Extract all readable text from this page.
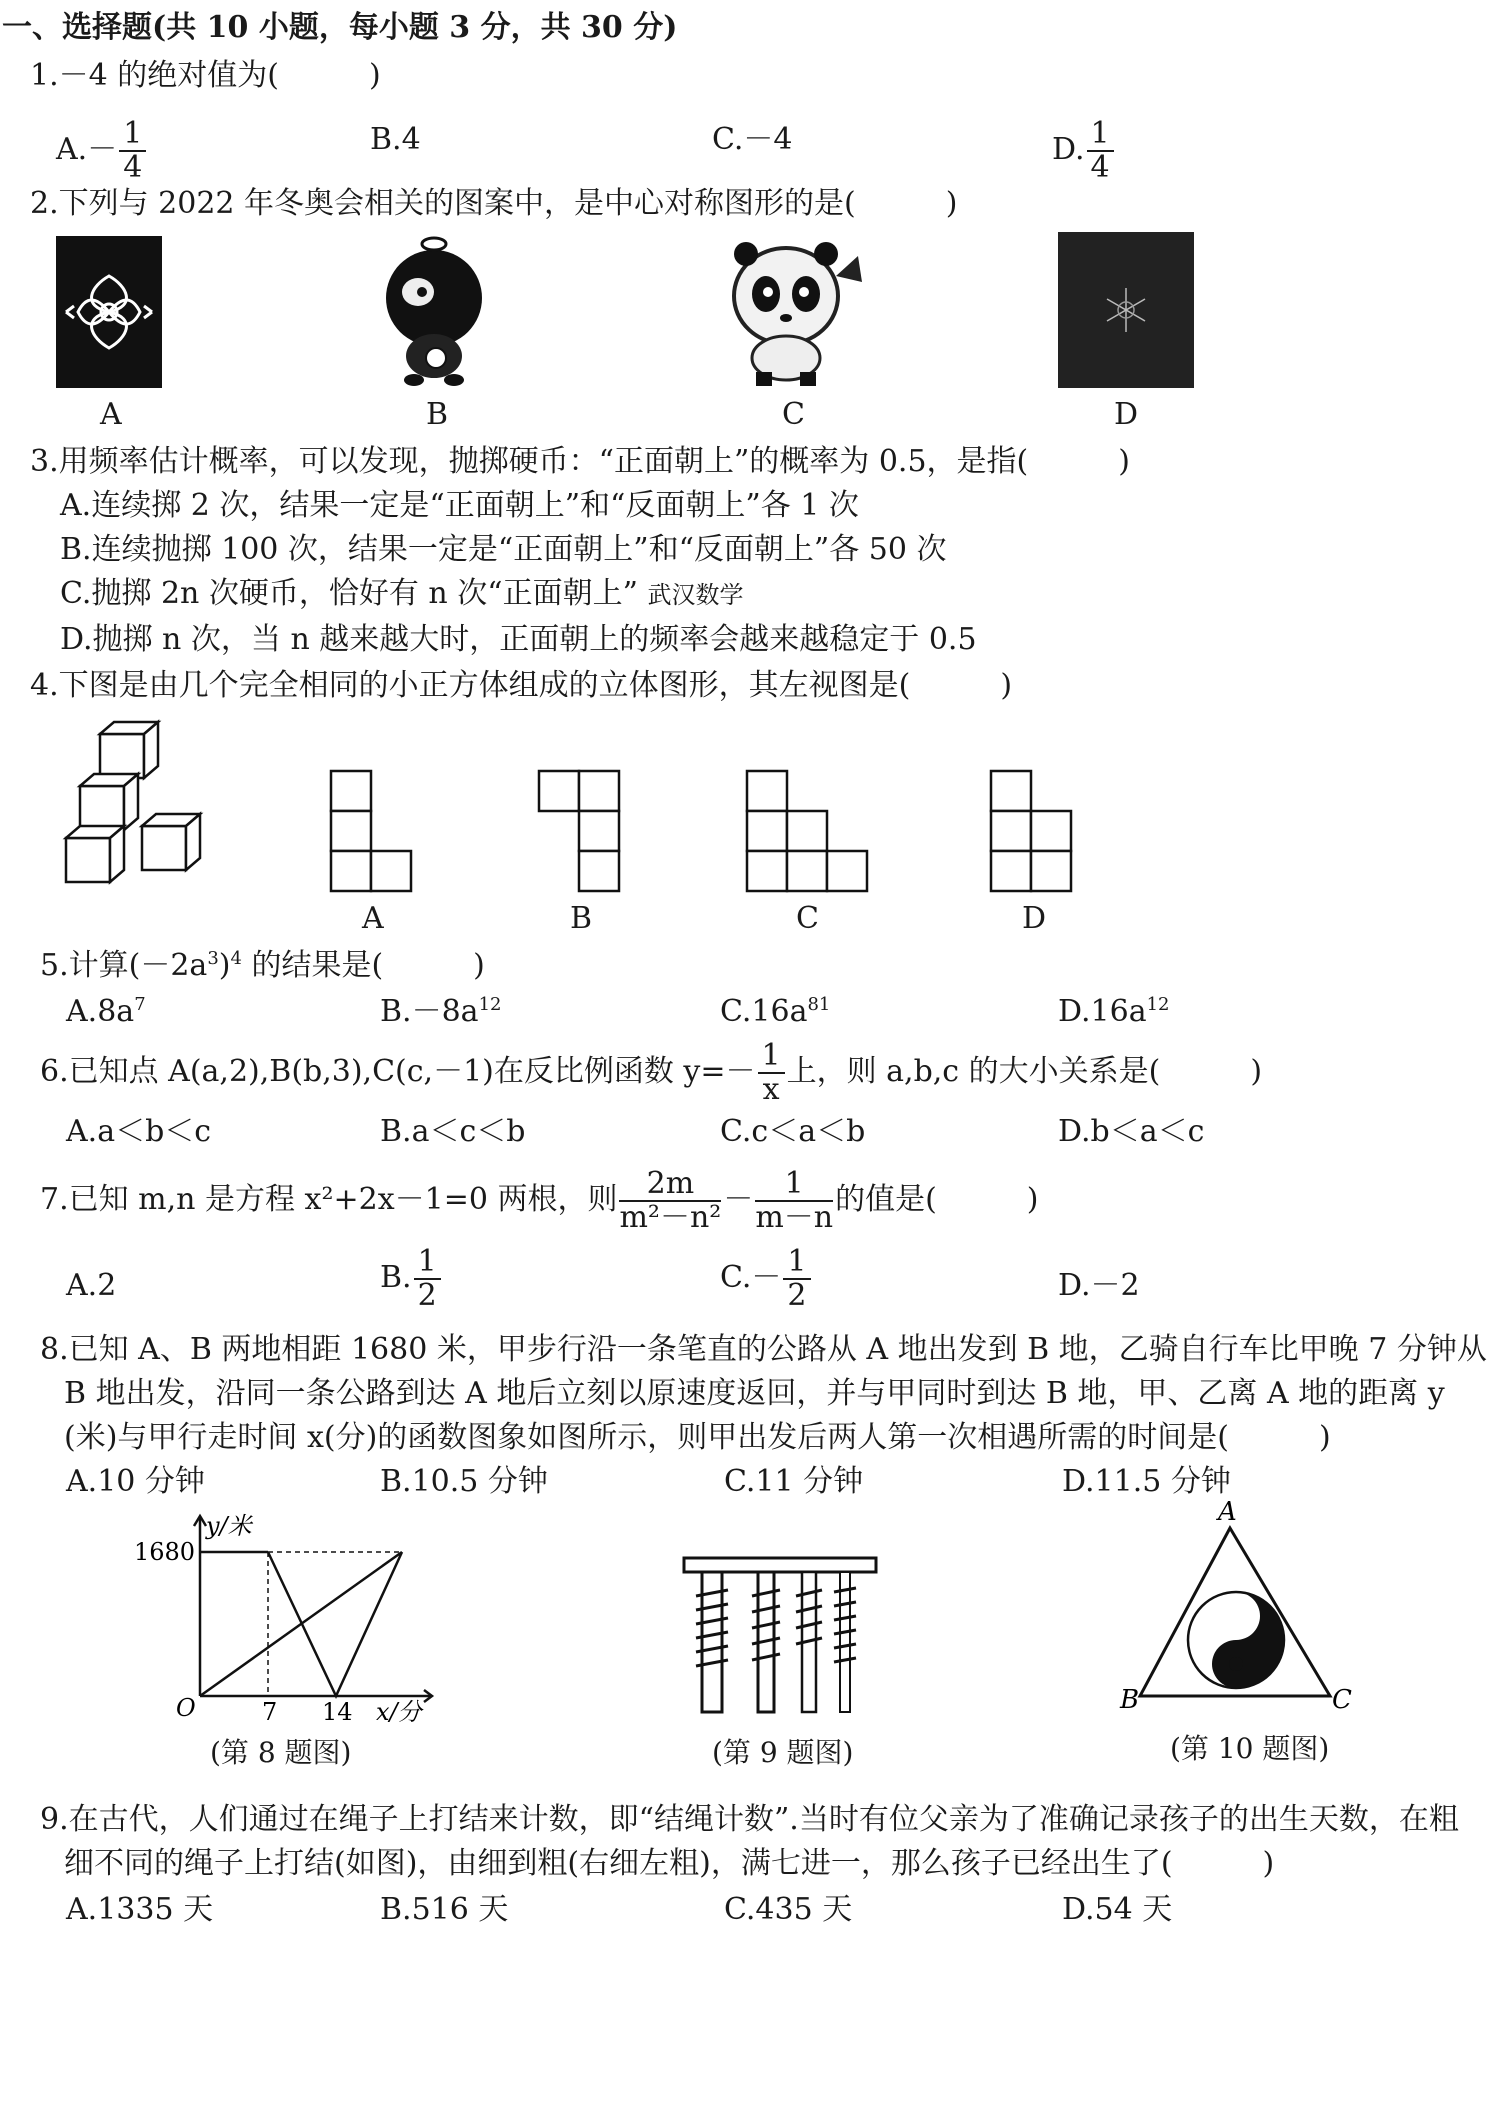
一、选择题(共 10 小题，每小题 3 分，共 30 分)
1.－4 的绝对值为(　　　)
$A.- \frac{1}{4}$	B.4	C.－4	D. $\frac{1}{4}$
2.下列与 2022 年冬奥会相关的图案中，是中心对称图形的是(　　　)
A	B	C	D
3.用频率估计概率，可以发现，抛掷硬币：“正面朝上”的概率为 0.5，是指(　　　)
A.连续掷 2 次，结果一定是“正面朝上”和“反面朝上”各 1 次
B.连续抛掷 100 次，结果一定是“正面朝上”和“反面朝上”各 50 次
C.抛掷 2n 次硬币，恰好有 n 次“正面朝上” 武汉数学
D.抛掷 n 次，当 n 越来越大时，正面朝上的频率会越来越稳定于 0.5
4.下图是由几个完全相同的小正方体组成的立体图形，其左视图是(　　　)
A	B	C	D
5.计算$(-2a^3)^4$ 的结果是(　　　)
$A.8a^7$	$B.-8a^{12}$	$C.16a^{81}$	$D.16a^{12}$
6.已知点 A(a,2),B(b,3),C(c,－1)在反比例函数 $y=- \frac{1}{x}$ 上，则 a,b,c 的大小关系是(　　　)
A.a＜b＜c	B.a＜c＜b	C.c＜a＜b	D.b＜a＜c
7.已知 m,n 是方程 x²+2x－1=0 两根，则 $\frac{2m}{\text{m²－n²}} - \frac{1}{m-n}$ 的值是(　　　)
A.2	B. $\frac{1}{2}$	$C.- \frac{1}{2}$	D.－2
8.已知 A、B 两地相距 1680 米，甲步行沿一条笔直的公路从 A 地出发到 B 地，乙骑自行车比甲晚 7 分钟从
B 地出发，沿同一条公路到达 A 地后立刻以原速度返回，并与甲同时到达 B 地，甲、乙离 A 地的距离 y
(米)与甲行走时间 x(分)的函数图象如图所示，则甲出发后两人第一次相遇所需的时间是(　　　)
A.10 分钟	B.10.5 分钟	C.11 分钟	D.11.5 分钟
y/米
1680
O	7 14 x/分
(第 8 题图)	(第 9 题图)
A
B	C
(第 10 题图)
9.在古代，人们通过在绳子上打结来计数，即“结绳计数”.当时有位父亲为了准确记录孩子的出生天数，在粗
细不同的绳子上打结(如图)，由细到粗(右细左粗)，满七进一，那么孩子已经出生了(　　　)
A.1335 天	B.516 天	C.435 天	D.54 天
